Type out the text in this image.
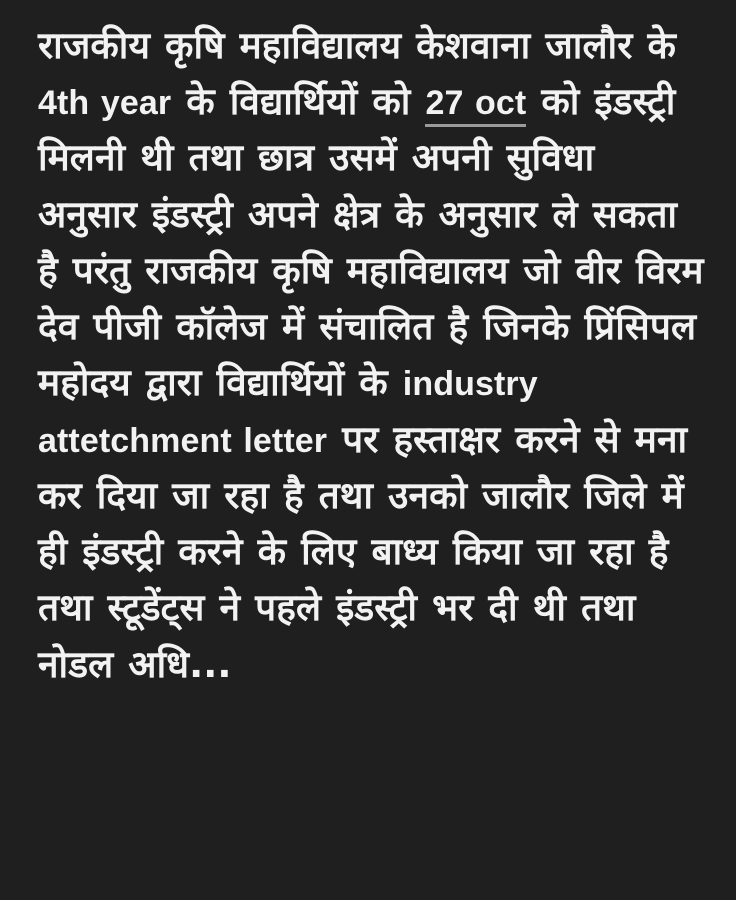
राजकीय कृषि महाविद्यालय केशवाना जालौर के 4th year के विद्यार्थियों को 27 oct को इंडस्ट्री मिलनी थी तथा छात्र उसमें अपनी सुविधा अनुसार इंडस्ट्री अपने क्षेत्र के अनुसार ले सकता है परंतु राजकीय कृषि महाविद्यालय जो वीर विरम देव पीजी कॉलेज में संचालित है जिनके प्रिंसिपल महोदय द्वारा विद्यार्थियों के industry attetchment letter पर हस्ताक्षर करने से मना कर दिया जा रहा है तथा उनको जालौर जिले में ही इंडस्ट्री करने के लिए बाध्य किया जा रहा है तथा स्टूडेंट्स ने पहले इंडस्ट्री भर दी थी तथा नोडल अधि...
